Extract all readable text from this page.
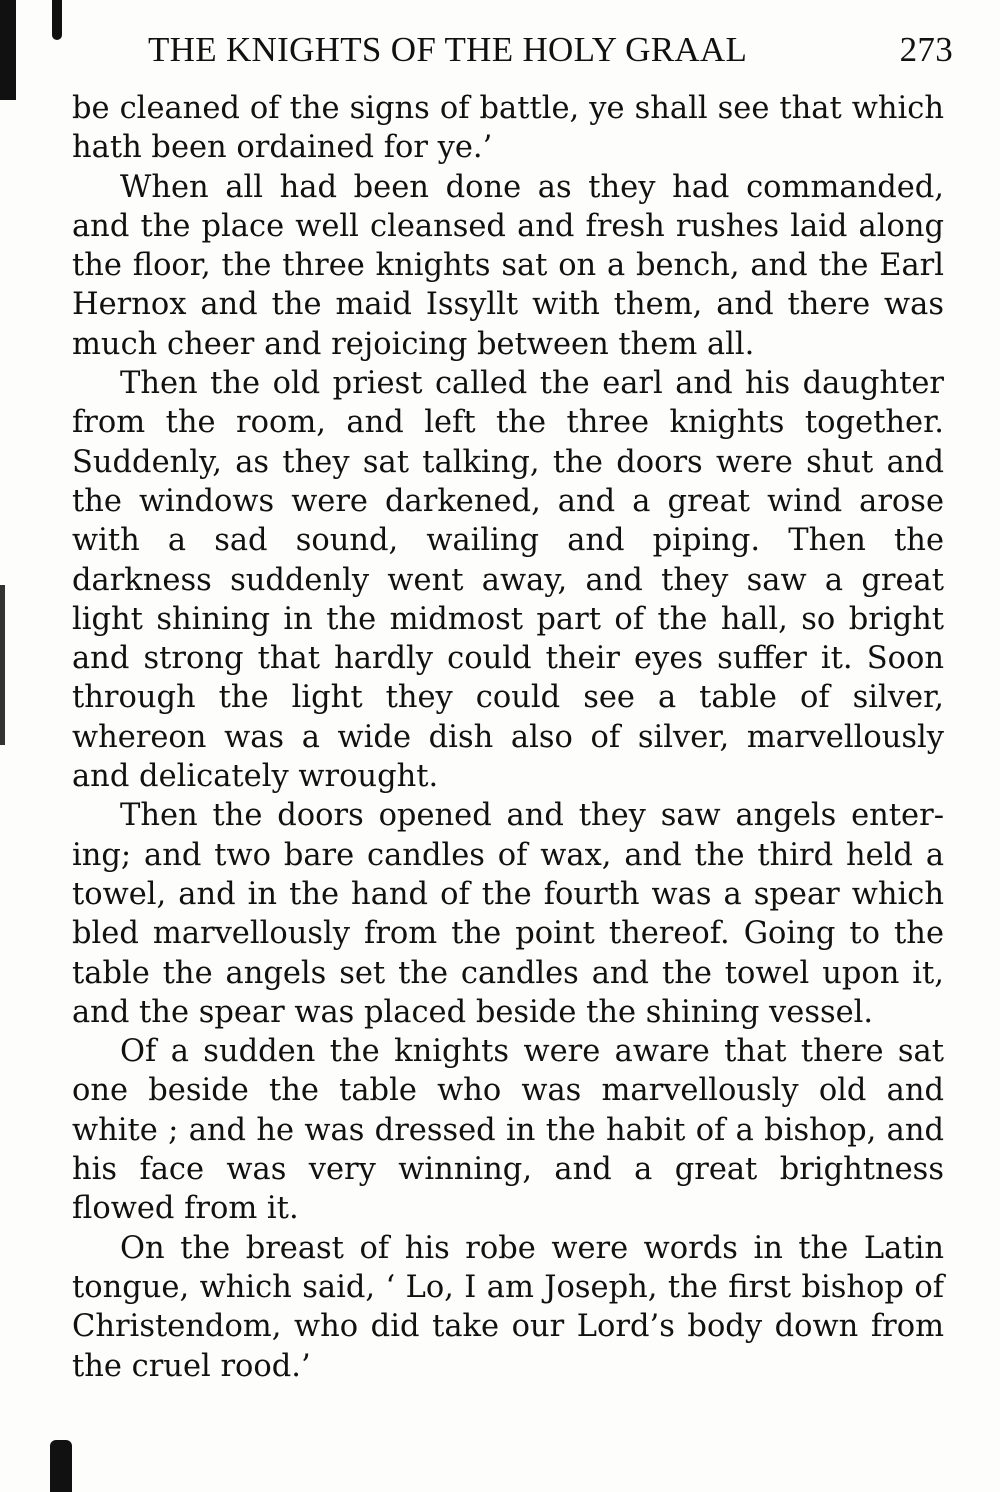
THE KNIGHTS OF THE HOLY GRAAL	273

be cleaned of the signs of battle, ye shall see that which hath been ordained for ye.’

When all had been done as they had commanded, and the place well cleansed and fresh rushes laid along the floor, the three knights sat on a bench, and the Earl Hernox and the maid Issyllt with them, and there was much cheer and rejoicing between them all.

Then the old priest called the earl and his daughter from the room, and left the three knights together. Suddenly, as they sat talking, the doors were shut and the windows were darkened, and a great wind arose with a sad sound, wailing and piping. Then the darkness suddenly went away, and they saw a great light shining in the midmost part of the hall, so bright and strong that hardly could their eyes suffer it. Soon through the light they could see a table of silver, whereon was a wide dish also of silver, marvellously and delicately wrought.

Then the doors opened and they saw angels entering; and two bare candles of wax, and the third held a towel, and in the hand of the fourth was a spear which bled marvellously from the point thereof. Going to the table the angels set the candles and the towel upon it, and the spear was placed beside the shining vessel.

Of a sudden the knights were aware that there sat one beside the table who was marvellously old and white ; and he was dressed in the habit of a bishop, and his face was very winning, and a great brightness flowed from it.

On the breast of his robe were words in the Latin tongue, which said, ‘ Lo, I am Joseph, the first bishop of Christendom, who did take our Lord’s body down from the cruel rood.’
